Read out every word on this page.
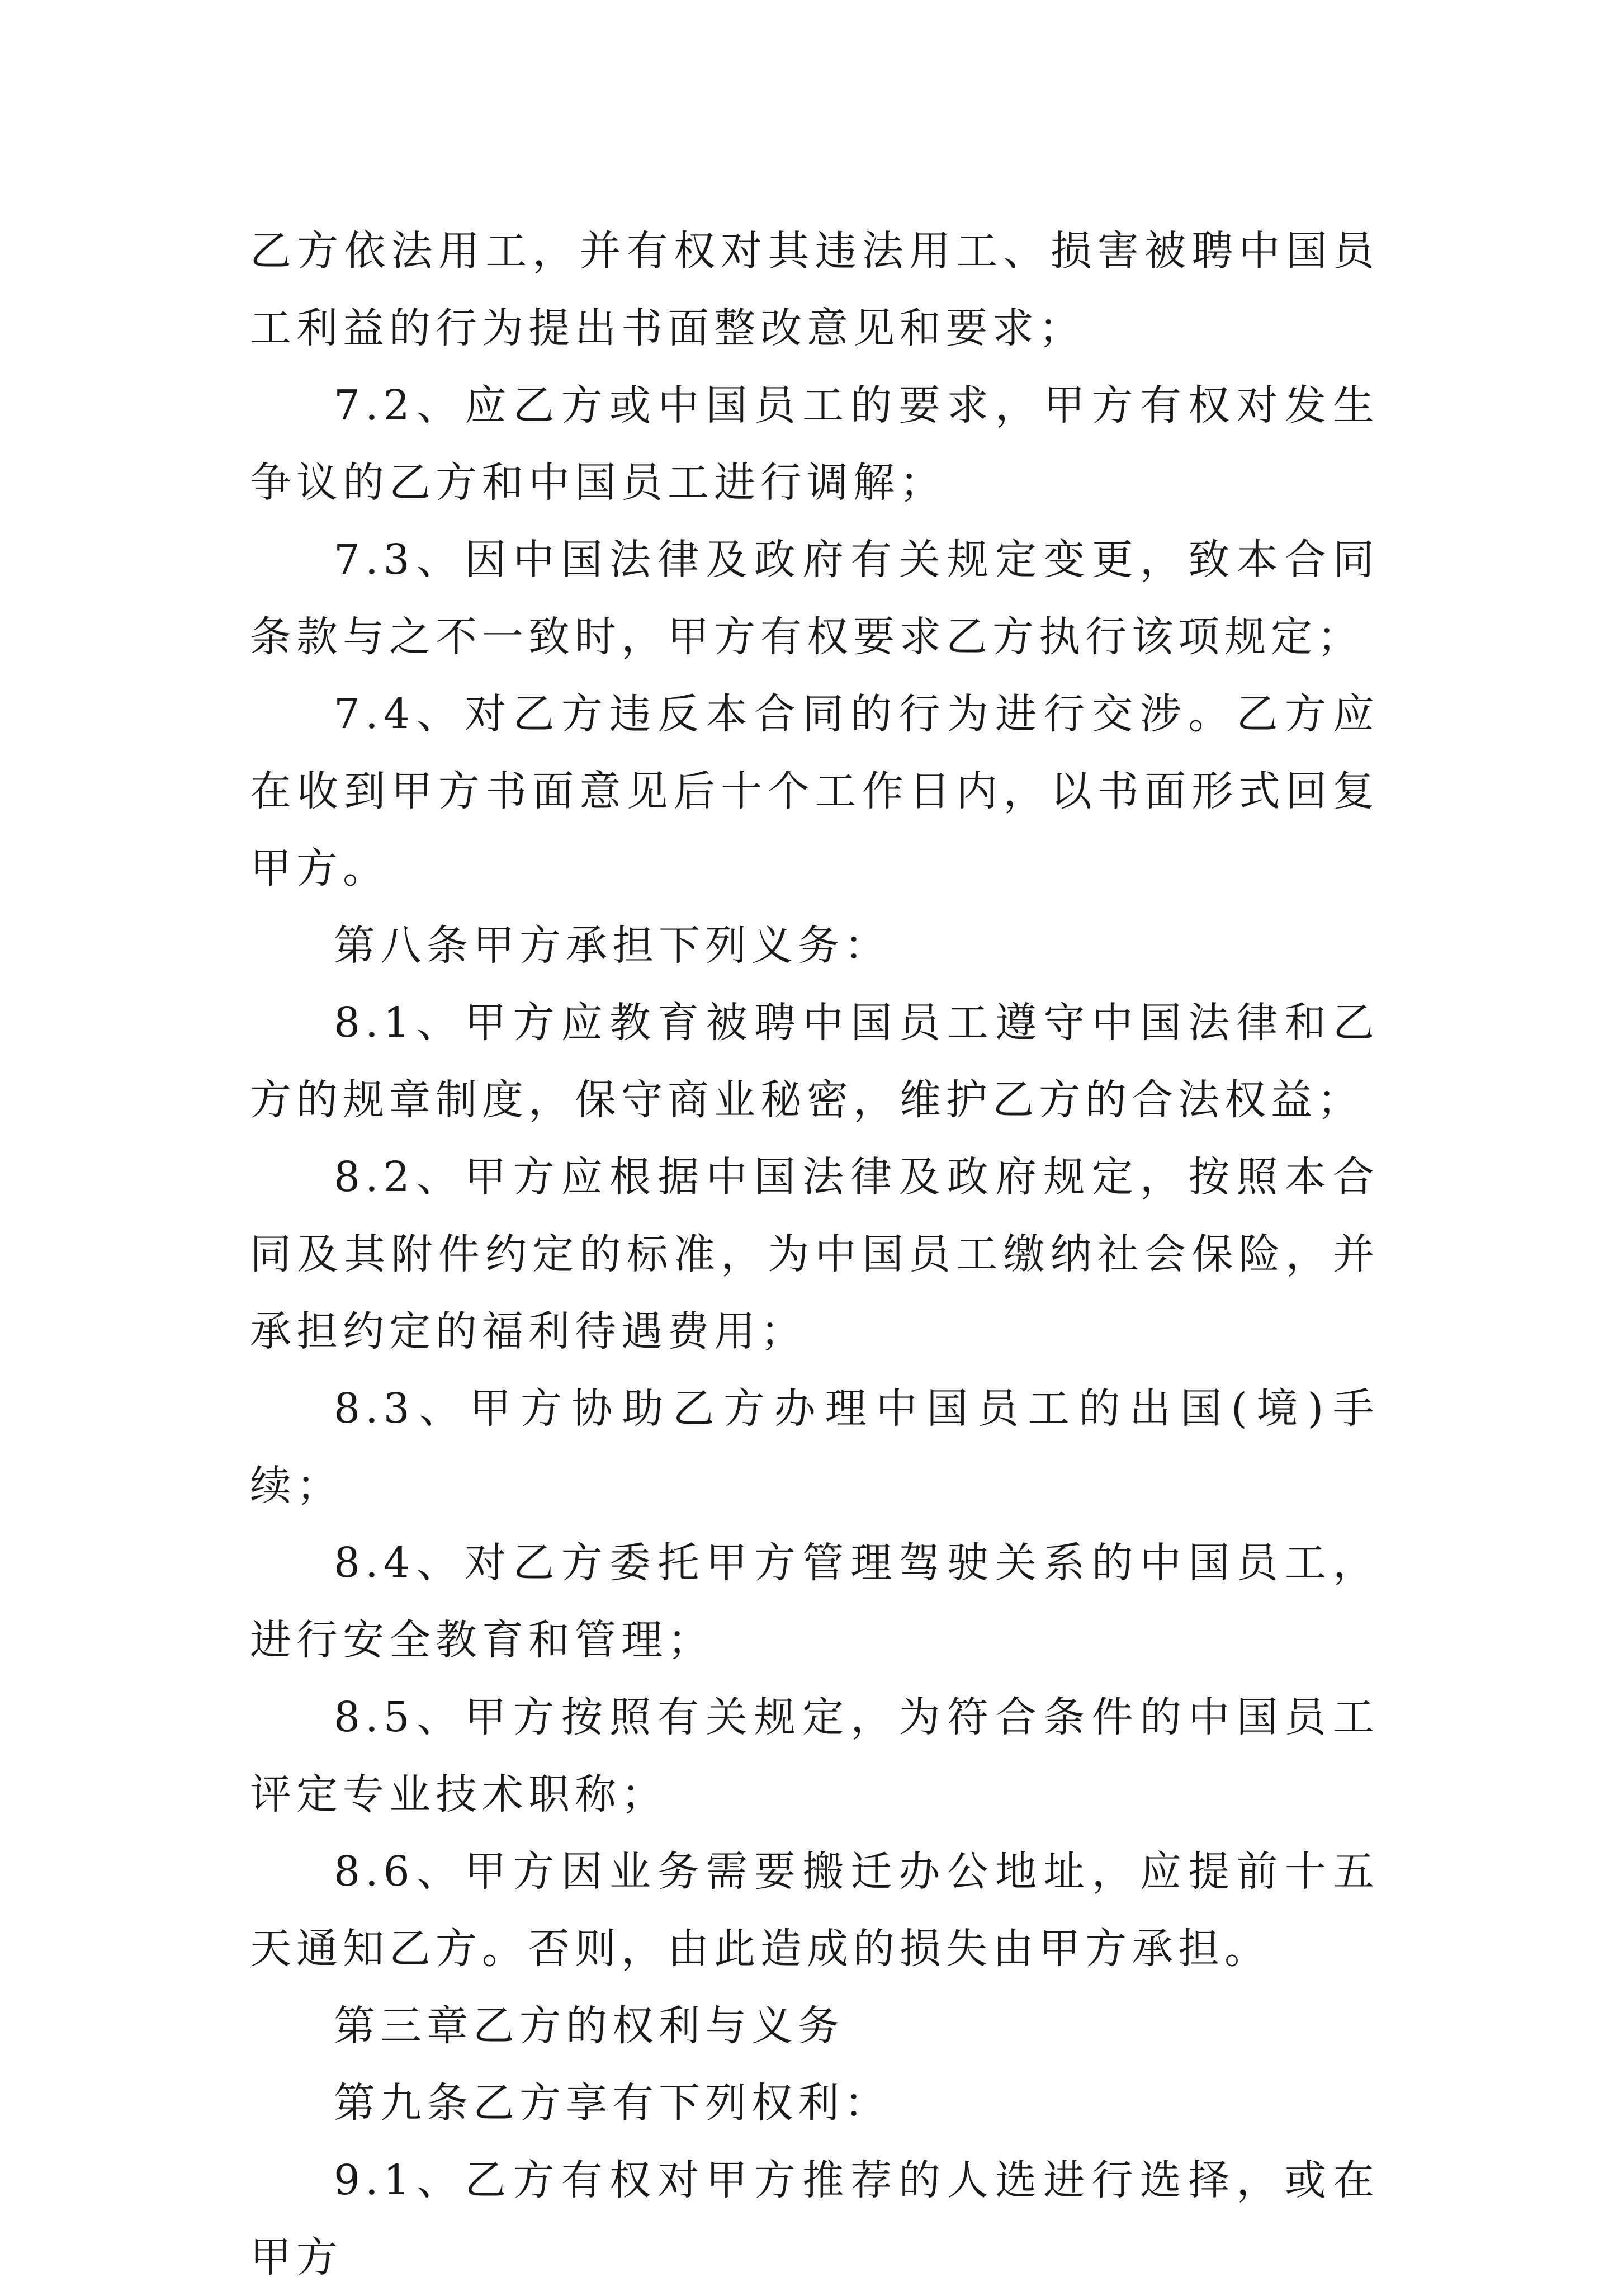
乙方依法用工，并有权对其违法用工、损害被聘中国员工利益的行为提出书面整改意见和要求；

7.2、应乙方或中国员工的要求，甲方有权对发生争议的乙方和中国员工进行调解；

7.3、因中国法律及政府有关规定变更，致本合同条款与之不一致时，甲方有权要求乙方执行该项规定；

7.4、对乙方违反本合同的行为进行交涉。乙方应在收到甲方书面意见后十个工作日内，以书面形式回复甲方。

第八条甲方承担下列义务：

8.1、甲方应教育被聘中国员工遵守中国法律和乙方的规章制度，保守商业秘密，维护乙方的合法权益；

8.2、甲方应根据中国法律及政府规定，按照本合同及其附件约定的标准，为中国员工缴纳社会保险，并承担约定的福利待遇费用；

8.3、甲方协助乙方办理中国员工的出国(境)手续；

8.4、对乙方委托甲方管理驾驶关系的中国员工，进行安全教育和管理；

8.5、甲方按照有关规定，为符合条件的中国员工评定专业技术职称；

8.6、甲方因业务需要搬迁办公地址，应提前十五天通知乙方。否则，由此造成的损失由甲方承担。

第三章乙方的权利与义务

第九条乙方享有下列权利：

9.1、乙方有权对甲方推荐的人选进行选择，或在甲方
